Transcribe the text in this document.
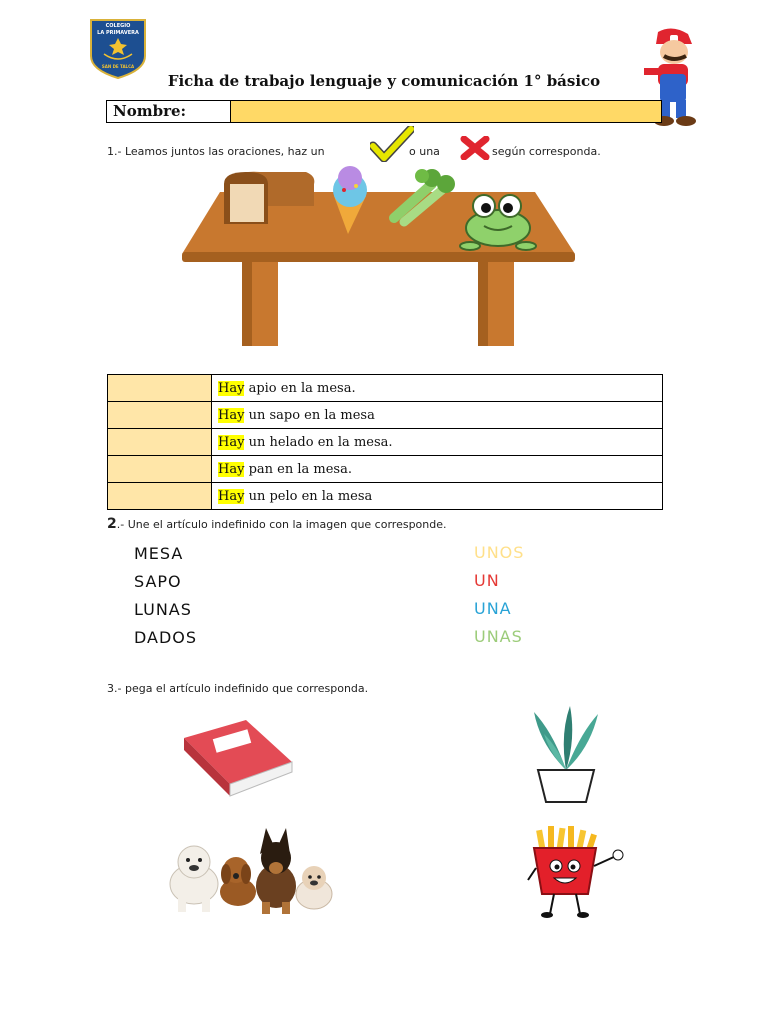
COLEGIO
LA PRIMAVERA
SAN DE TALCA
Ficha de trabajo lenguaje y comunicación 1° básico
Nombre:
1.- Leamos juntos las oraciones, haz un	o una	según corresponda.
	Hay apio en la mesa.
	Hay un sapo en la mesa
	Hay un helado en la mesa.
	Hay pan en la mesa.
	Hay un pelo en la mesa
2.- Une el artículo indefinido con la imagen que corresponde.
MESA
SAPO
LUNAS
DADOS
UNOS
UN
UNA
UNAS
3.- pega el artículo indefinido que corresponda.
